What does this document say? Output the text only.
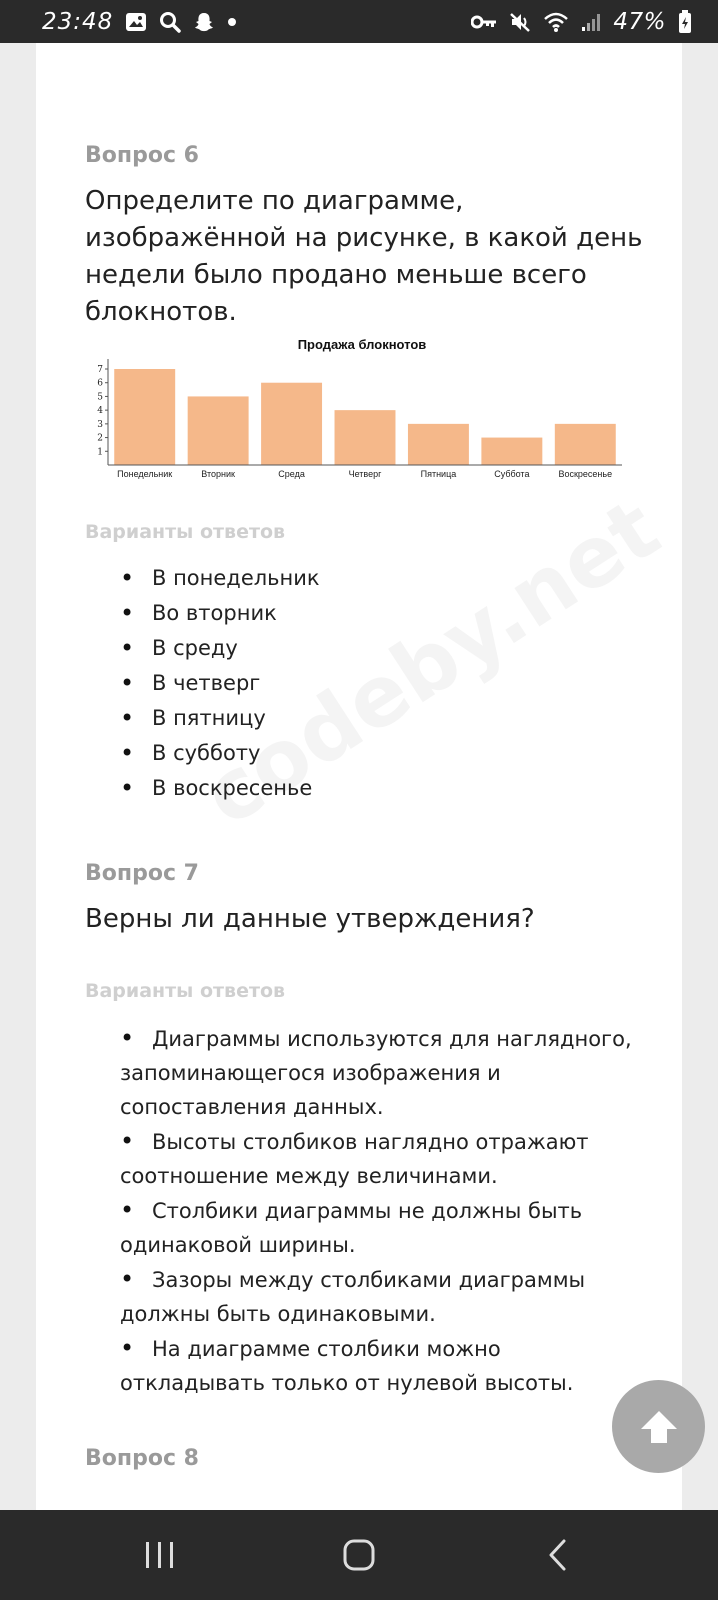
23:48	47%
Вопрос 6
Определите по диаграмме, изображённой на рисунке, в какой день недели было продано меньше всего блокнотов.
Продажа блокнотов
1
2
3
4
5
6
7
Понедельник	Вторник	Среда	Четверг	Пятница	Суббота	Воскресенье
Варианты ответов
• В понедельник
• Во вторник
• В среду
• В четверг
• В пятницу
• В субботу
• В воскресенье
Вопрос 7
Верны ли данные утверждения?
Варианты ответов
• Диаграммы используются для наглядного, запоминающегося изображения и сопоставления данных.
• Высоты столбиков наглядно отражают соотношение между величинами.
• Столбики диаграммы не должны быть одинаковой ширины.
• Зазоры между столбиками диаграммы должны быть одинаковыми.
• На диаграмме столбики можно откладывать только от нулевой высоты.
Вопрос 8
